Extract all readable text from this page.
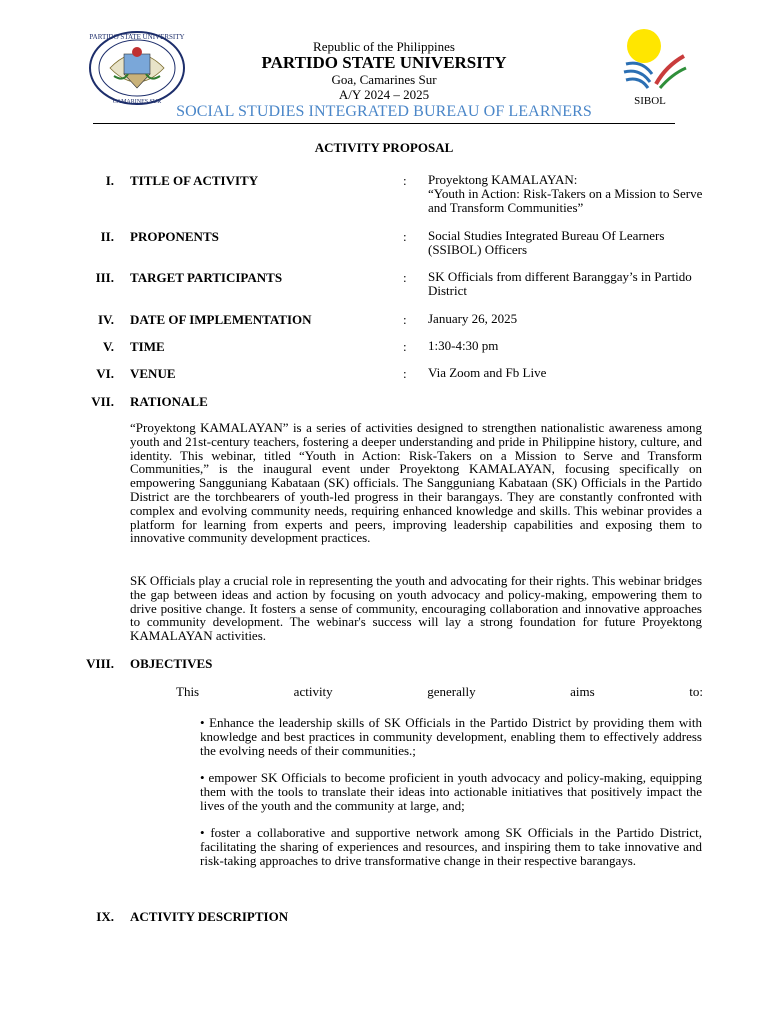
PARTIDO STATE UNIVERSITY
CAMARINES SUR	SIBOL
Republic of the Philippines
PARTIDO STATE UNIVERSITY
Goa, Camarines Sur
A/Y 2024 – 2025
SOCIAL STUDIES INTEGRATED BUREAU OF LEARNERS
ACTIVITY PROPOSAL
I. TITLE OF ACTIVITY	: Proyektong KAMALAYAN:
“Youth in Action: Risk-Takers on a Mission to Serve and Transform Communities”
II. PROPONENTS	: Social Studies Integrated Bureau Of Learners (SSIBOL) Officers
III. TARGET PARTICIPANTS	: SK Officials from different Baranggay’s in Partido District
IV. DATE OF IMPLEMENTATION	: January 26, 2025
V. TIME	: 1:30-4:30 pm
VI. VENUE	: Via Zoom and Fb Live
VII. RATIONALE
“Proyektong KAMALAYAN” is a series of activities designed to strengthen nationalistic awareness among youth and 21st-century teachers, fostering a deeper understanding and pride in Philippine history, culture, and identity. This webinar, titled “Youth in Action: Risk-Takers on a Mission to Serve and Transform Communities,” is the inaugural event under Proyektong KAMALAYAN, focusing specifically on empowering Sangguniang Kabataan (SK) officials. The Sangguniang Kabataan (SK) Officials in the Partido District are the torchbearers of youth-led progress in their barangays. They are constantly confronted with complex and evolving community needs, requiring enhanced knowledge and skills. This webinar provides a platform for learning from experts and peers, improving leadership capabilities and exposing them to innovative community development practices.
SK Officials play a crucial role in representing the youth and advocating for their rights. This webinar bridges the gap between ideas and action by focusing on youth advocacy and policy-making, empowering them to drive positive change. It fosters a sense of community, encouraging collaboration and innovative approaches to community development. The webinar's success will lay a strong foundation for future Proyektong KAMALAYAN activities.
VIII. OBJECTIVES
This activity generally aims to:
• Enhance the leadership skills of SK Officials in the Partido District by providing them with knowledge and best practices in community development, enabling them to effectively address the evolving needs of their communities.;
• empower SK Officials to become proficient in youth advocacy and policy-making, equipping them with the tools to translate their ideas into actionable initiatives that positively impact the lives of the youth and the community at large, and;
• foster a collaborative and supportive network among SK Officials in the Partido District, facilitating the sharing of experiences and resources, and inspiring them to take innovative and risk-taking approaches to drive transformative change in their respective barangays.
IX. ACTIVITY DESCRIPTION
